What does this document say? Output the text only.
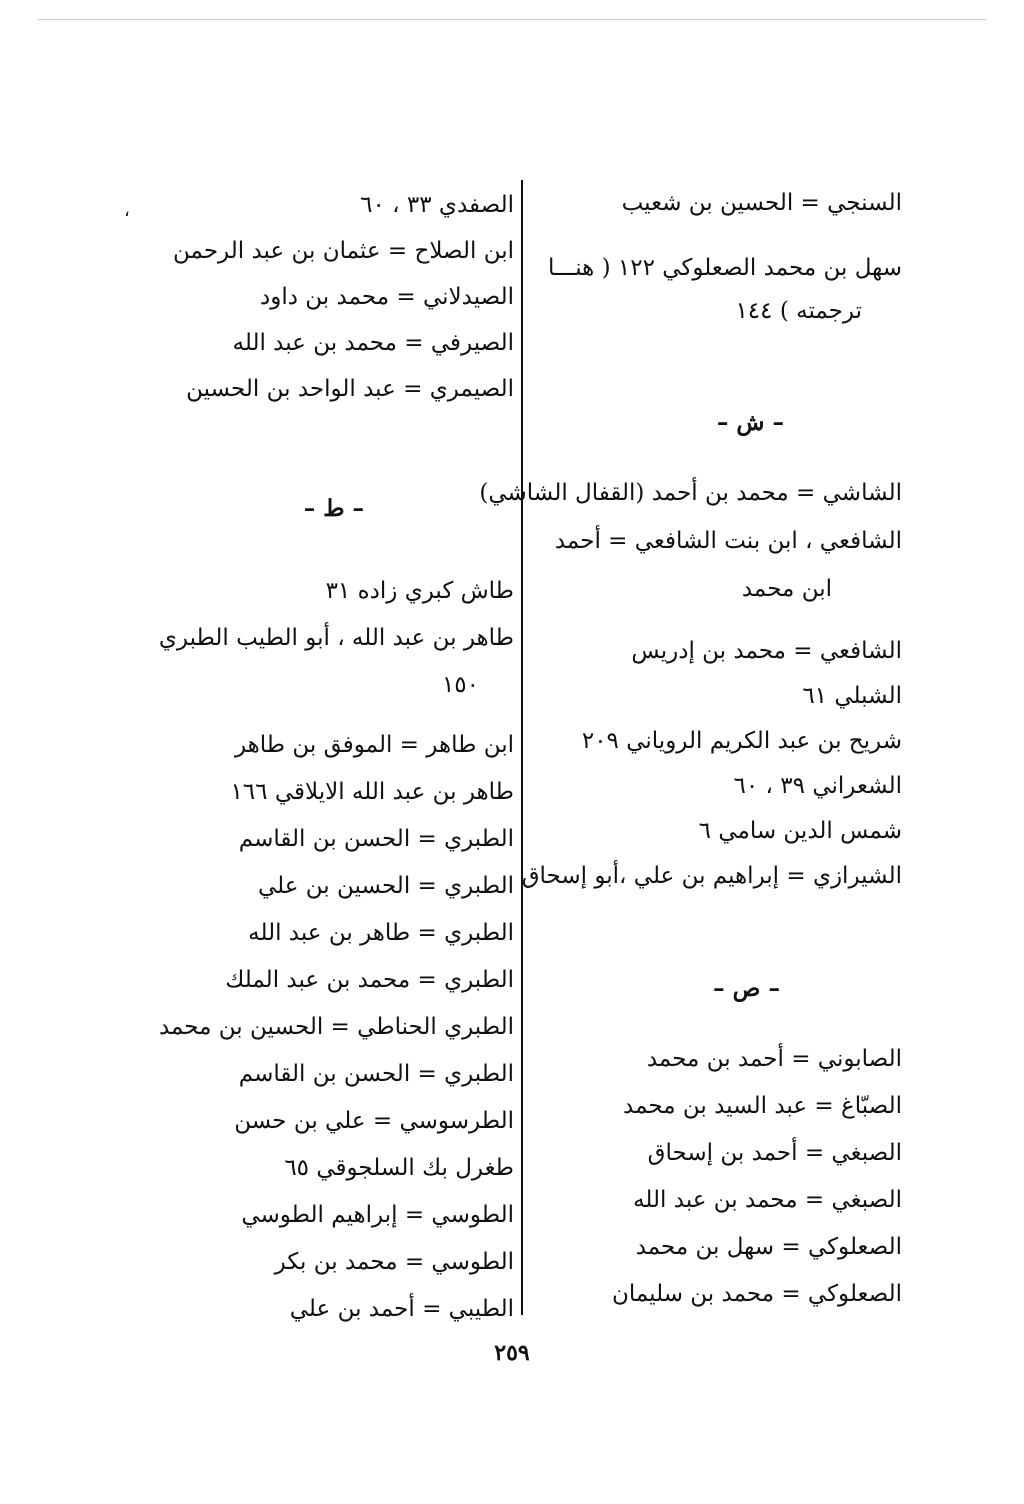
،	السنجي = الحسين بن شعيب
سهل بن محمد الصعلوكي ١٢٢ ( هنـــا
ترجمته ) ١٤٤
– ش –
الشاشي = محمد بن أحمد (القفال الشاشي)
الشافعي ، ابن بنت الشافعي = أحمد
ابن محمد
الشافعي = محمد بن إدريس
الشبلي ٦١
شريح بن عبد الكريم الروياني ٢٠٩
الشعراني ٣٩ ، ٦٠
شمس الدين سامي ٦
الشيرازي = إبراهيم بن علي ،أبو إسحاق
– ص –
الصابوني = أحمد بن محمد
الصبّاغ = عبد السيد بن محمد
الصبغي = أحمد بن إسحاق
الصبغي = محمد بن عبد الله
الصعلوكي = سهل بن محمد
الصعلوكي = محمد بن سليمان
الصفدي ٣٣ ، ٦٠
ابن الصلاح = عثمان بن عبد الرحمن
الصيدلاني = محمد بن داود
الصيرفي = محمد بن عبد الله
الصيمري = عبد الواحد بن الحسين
– ط –
طاش كبري زاده ٣١
طاهر بن عبد الله ، أبو الطيب الطبري
١٥٠
ابن طاهر = الموفق بن طاهر
طاهر بن عبد الله الايلاقي ١٦٦
الطبري = الحسن بن القاسم
الطبري = الحسين بن علي
الطبري = طاهر بن عبد الله
الطبري = محمد بن عبد الملك
الطبري الحناطي = الحسين بن محمد
الطبري = الحسن بن القاسم
الطرسوسي = علي بن حسن
طغرل بك السلجوقي ٦٥
الطوسي = إبراهيم الطوسي
الطوسي = محمد بن بكر
الطيبي = أحمد بن علي
٢٥٩
